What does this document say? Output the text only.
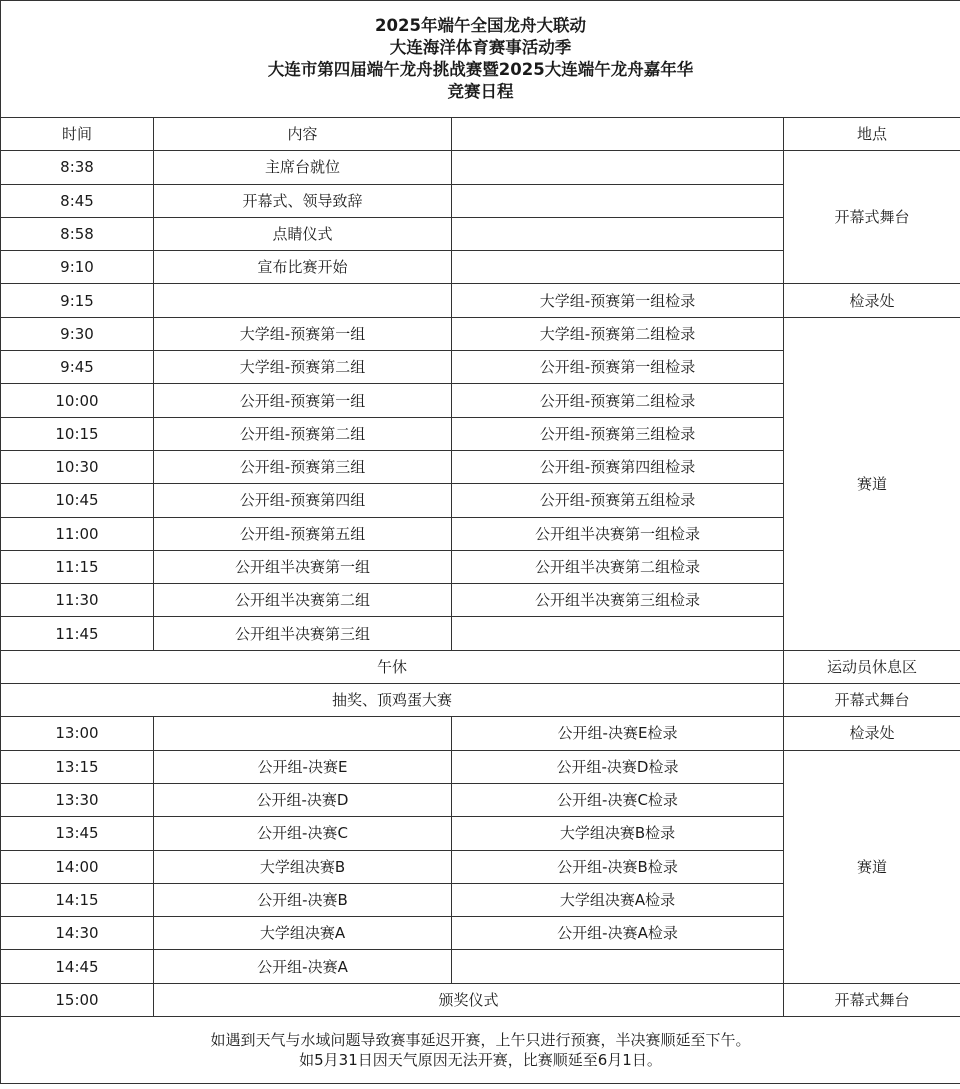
2025年端午全国龙舟大联动
大连海洋体育赛事活动季
大连市第四届端午龙舟挑战赛暨2025大连端午龙舟嘉年华
竞赛日程			

时间	内容		地点
8:38	主席台就位		开幕式舞台
8:45	开幕式、领导致辞		
8:58	点睛仪式		
9:10	宣布比赛开始		
9:15		大学组-预赛第一组检录	检录处
9:30	大学组-预赛第一组	大学组-预赛第二组检录	赛道
9:45	大学组-预赛第二组	公开组-预赛第一组检录	
10:00	公开组-预赛第一组	公开组-预赛第二组检录	
10:15	公开组-预赛第二组	公开组-预赛第三组检录	
10:30	公开组-预赛第三组	公开组-预赛第四组检录	
10:45	公开组-预赛第四组	公开组-预赛第五组检录	
11:00	公开组-预赛第五组	公开组半决赛第一组检录	
11:15	公开组半决赛第一组	公开组半决赛第二组检录	
11:30	公开组半决赛第二组	公开组半决赛第三组检录	
11:45	公开组半决赛第三组		
午休			运动员休息区
抽奖、顶鸡蛋大赛			开幕式舞台
13:00		公开组-决赛E检录	检录处
13:15	公开组-决赛E	公开组-决赛D检录	赛道
13:30	公开组-决赛D	公开组-决赛C检录	
13:45	公开组-决赛C	大学组决赛B检录	
14:00	大学组决赛B	公开组-决赛B检录	
14:15	公开组-决赛B	大学组决赛A检录	
14:30	大学组决赛A	公开组-决赛A检录	
14:45	公开组-决赛A		
15:00	颁奖仪式		开幕式舞台

如遇到天气与水域问题导致赛事延迟开赛，上午只进行预赛，半决赛顺延至下午。
如5月31日因天气原因无法开赛，比赛顺延至6月1日。			
